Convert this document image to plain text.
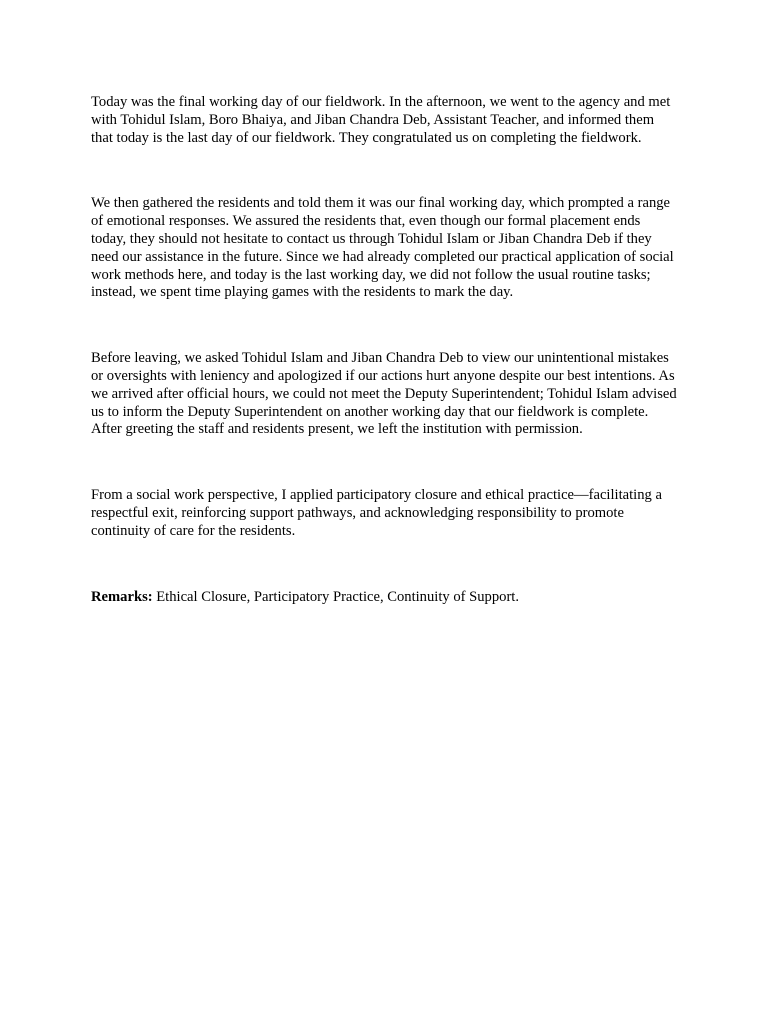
Today was the final working day of our fieldwork. In the afternoon, we went to the agency and met with Tohidul Islam, Boro Bhaiya, and Jiban Chandra Deb, Assistant Teacher, and informed them that today is the last day of our fieldwork. They congratulated us on completing the fieldwork.

We then gathered the residents and told them it was our final working day, which prompted a range of emotional responses. We assured the residents that, even though our formal placement ends today, they should not hesitate to contact us through Tohidul Islam or Jiban Chandra Deb if they need our assistance in the future. Since we had already completed our practical application of social work methods here, and today is the last working day, we did not follow the usual routine tasks; instead, we spent time playing games with the residents to mark the day.

Before leaving, we asked Tohidul Islam and Jiban Chandra Deb to view our unintentional mistakes or oversights with leniency and apologized if our actions hurt anyone despite our best intentions. As we arrived after official hours, we could not meet the Deputy Superintendent; Tohidul Islam advised us to inform the Deputy Superintendent on another working day that our fieldwork is complete. After greeting the staff and residents present, we left the institution with permission.

From a social work perspective, I applied participatory closure and ethical practice—facilitating a respectful exit, reinforcing support pathways, and acknowledging responsibility to promote continuity of care for the residents.

Remarks: Ethical Closure, Participatory Practice, Continuity of Support.
